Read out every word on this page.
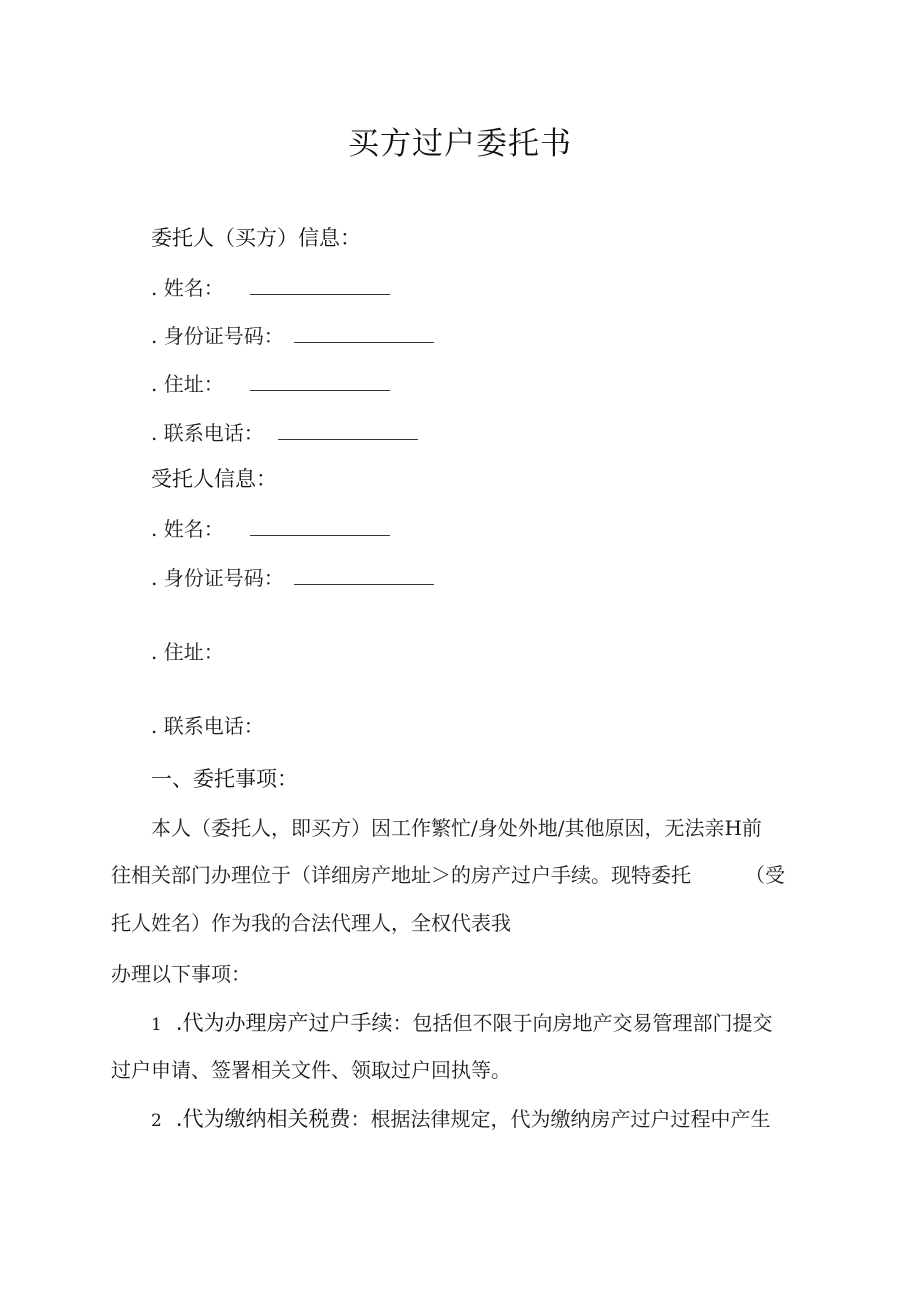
买方过户委托书
委托人（买方）信息：
. 姓名：
. 身份证号码：
. 住址：
. 联系电话：
受托人信息：
. 姓名：
. 身份证号码：
. 住址：
. 联系电话：
一、委托事项：
本人（委托人，即买方）因工作繁忙/身处外地/其他原因，无法亲H前
往相关部门办理位于（详细房产地址＞的房产过户手续。现特委托	（受
托人姓名）作为我的合法代理人，全权代表我
办理以下事项：
1 .代为办理房产过户手续：包括但不限于向房地产交易管理部门提交
过户申请、签署相关文件、领取过户回执等。
2 .代为缴纳相关税费：根据法律规定，代为缴纳房产过户过程中产生
